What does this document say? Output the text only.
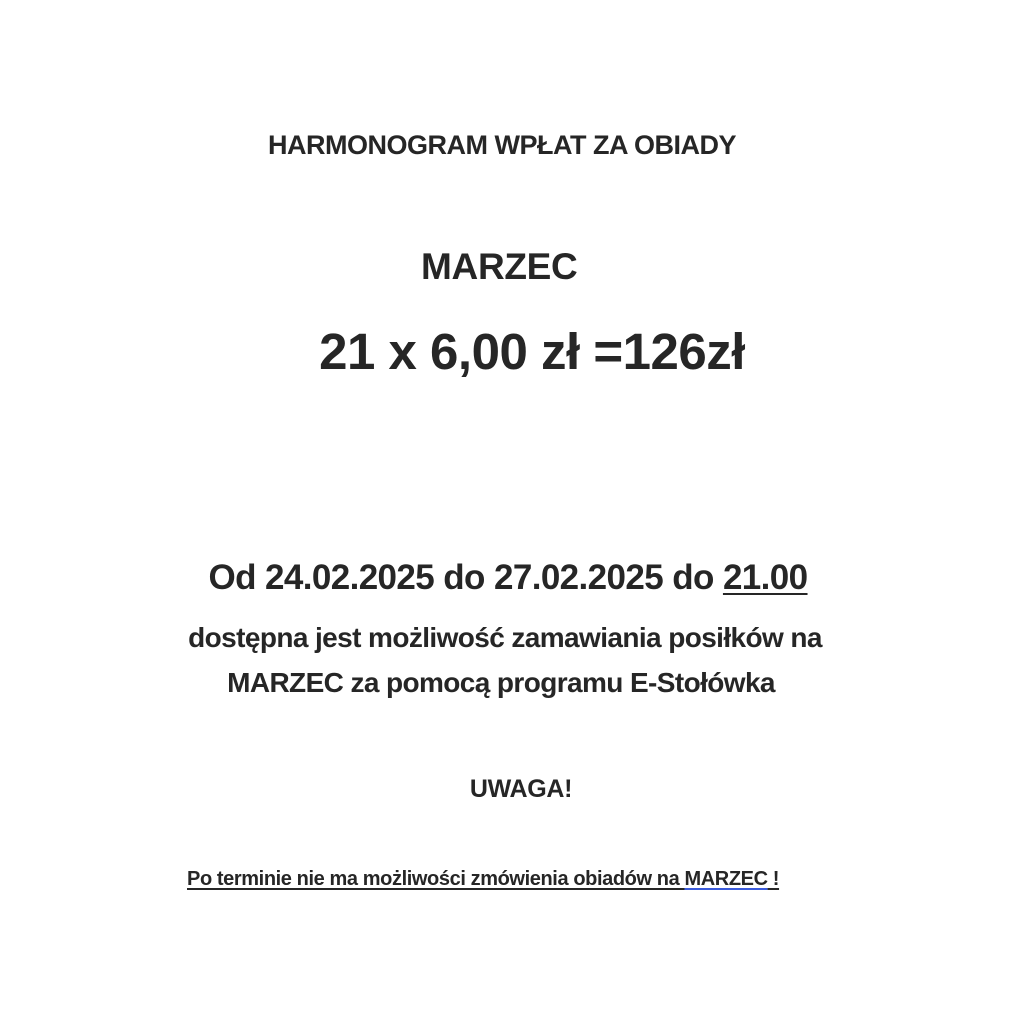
HARMONOGRAM WPŁAT ZA OBIADY
MARZEC
21 x 6,00 zł =126zł
Od 24.02.2025 do 27.02.2025 do 21.00
dostępna jest możliwość zamawiania posiłków na
MARZEC za pomocą programu E-Stołówka
UWAGA!
Po terminie nie ma możliwości zmówienia obiadów na MARZEC !
